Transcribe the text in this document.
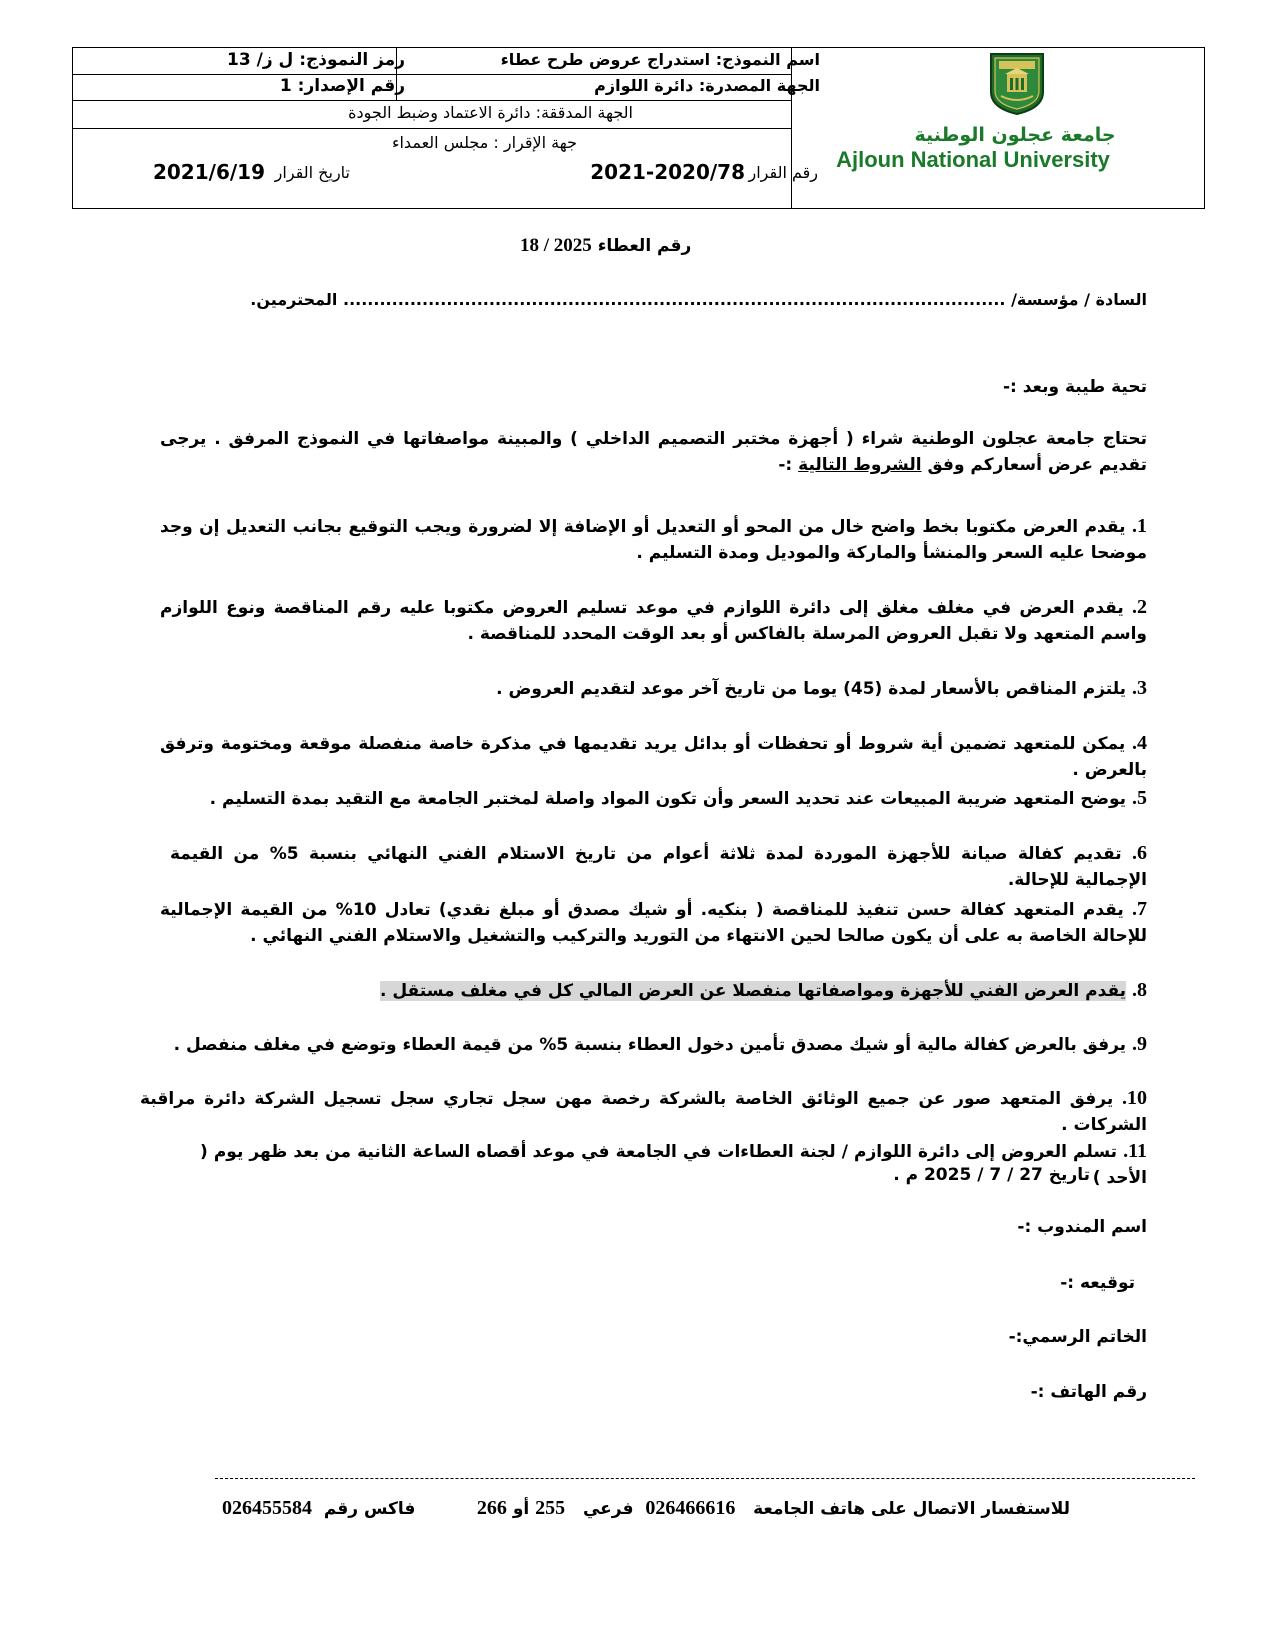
جامعة عجلون الوطنية
Ajloun National University
اسم النموذج: استدراج عروض طرح عطاء
رمز النموذج: ل ز/ 13
الجهة المصدرة: دائرة اللوازم
رقم الإصدار: 1
الجهة المدققة: دائرة الاعتماد وضبط الجودة
جهة الإقرار : مجلس العمداء
رقم القرار
2021-2020/78
تاريخ القرار
2021/6/19
رقم العطاء 18 / 2025
السادة / مؤسسة/ ............................................................................................................. المحترمين.
تحية طيبة وبعد :-
تحتاج جامعة عجلون الوطنية شراء ( أجهزة مختبر التصميم الداخلي ) والمبينة مواصفاتها في النموذج المرفق . يرجى تقديم عرض أسعاركم وفق الشروط التالية :-
1. يقدم العرض مكتوبا بخط واضح خال من المحو أو التعديل أو الإضافة إلا لضرورة ويجب التوقيع بجانب التعديل إن وجد موضحا عليه السعر والمنشأ والماركة والموديل ومدة التسليم .
2. يقدم العرض في مغلف مغلق إلى دائرة اللوازم في موعد تسليم العروض مكتوبا عليه رقم المناقصة ونوع اللوازم واسم المتعهد ولا تقبل العروض المرسلة بالفاكس أو بعد الوقت المحدد للمناقصة .
3. يلتزم المناقص بالأسعار لمدة (45) يوما من تاريخ آخر موعد لتقديم العروض .
4. يمكن للمتعهد تضمين أية شروط أو تحفظات أو بدائل يريد تقديمها في مذكرة خاصة منفصلة موقعة ومختومة وترفق بالعرض .
5. يوضح المتعهد ضريبة المبيعات عند تحديد السعر وأن تكون المواد واصلة لمختبر الجامعة مع التقيد بمدة التسليم .
6. تقديم كفالة صيانة للأجهزة الموردة لمدة ثلاثة أعوام من تاريخ الاستلام الفني النهائي بنسبة 5% من القيمة الإجمالية للإحالة.
7. يقدم المتعهد كفالة حسن تنفيذ للمناقصة ( بنكيه. أو شيك مصدق أو مبلغ نقدي) تعادل 10% من القيمة الإجمالية للإحالة الخاصة به على أن يكون صالحا لحين الانتهاء من التوريد والتركيب والتشغيل والاستلام الفني النهائي .
8. يقدم العرض الفني للأجهزة ومواصفاتها منفصلا عن العرض المالي كل في مغلف مستقل .
9. يرفق بالعرض كفالة مالية أو شيك مصدق تأمين دخول العطاء بنسبة 5% من قيمة العطاء وتوضع في مغلف منفصل .
10. يرفق المتعهد صور عن جميع الوثائق الخاصة بالشركة رخصة مهن سجل تجاري سجل تسجيل الشركة دائرة مراقبة الشركات .
11. تسلم العروض إلى دائرة اللوازم / لجنة العطاءات في الجامعة في موعد أقصاه الساعة الثانية من بعد ظهر يوم ( الأحد )
تاريخ 27 / 7 / 2025 م .
اسم المندوب :-
توقيعه :-
الخاتم الرسمي:-
رقم الهاتف :-
للاستفسار الاتصال على هاتف الجامعة   026466616  فرعي   255 أو 266
فاكس رقم  026455584
